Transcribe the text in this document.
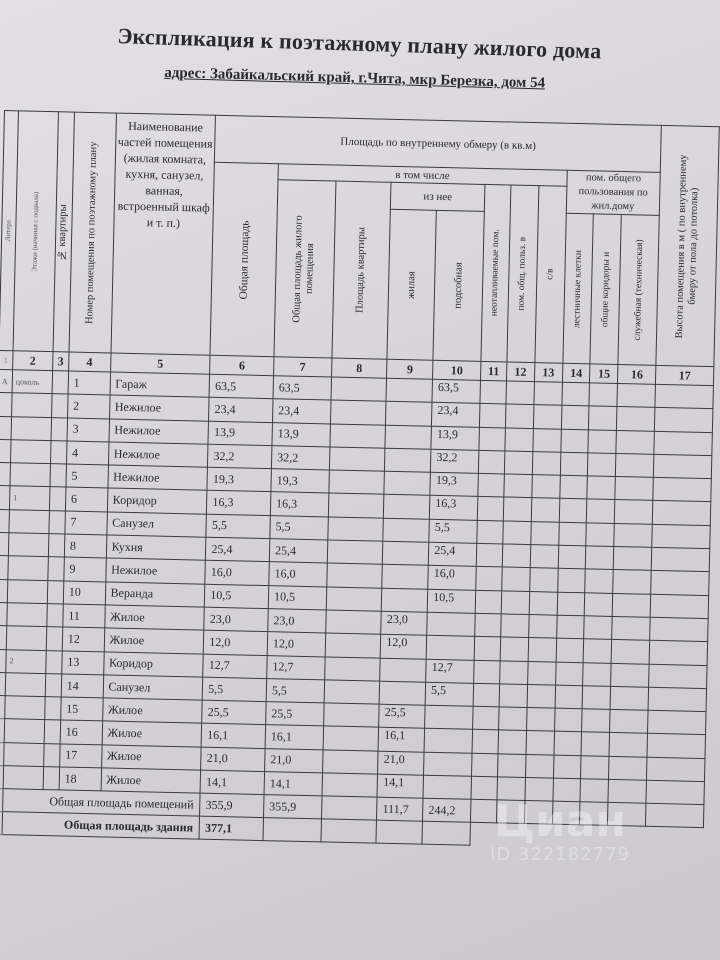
Экспликация к поэтажному плану жилого дома
адрес: Забайкальский край, г.Чита, мкр Березка, дом 54
Литера	Этажи (начиная с подвала)	№ квартиры	Номер помещения по поэтажному плану	Наименование частей помещения (жилая комната, кухня, санузел, ванная, встроенный шкаф и т. п.)	Площадь по внутреннему обмеру (в кв.м)											Высота помещения в м ( по внутреннему бмеру от пола до потолка)

					Общая площадь	в том числе							пом. общего пользования по жил.дому			

						Общая площадь жилого помещения	Площадь квартиры	из нее		неотапливаемые пом.	пом. общ. польз. в	с/в				

								жилая	подсобная				лестничные клетки	общие коридоры и	служебная (техническая)	

1	2	3	4	5	6	7	8	9	10	11	12	13	14	15	16	17
А	цоколь		1	Гараж	63,5	63,5			63,5							
			2	Нежилое	23,4	23,4			23,4							
			3	Нежилое	13,9	13,9			13,9							
			4	Нежилое	32,2	32,2			32,2							
			5	Нежилое	19,3	19,3			19,3							
	1		6	Коридор	16,3	16,3			16,3							
			7	Санузел	5,5	5,5			5,5							
			8	Кухня	25,4	25,4			25,4							
			9	Нежилое	16,0	16,0			16,0							
			10	Веранда	10,5	10,5			10,5							
			11	Жилое	23,0	23,0		23,0								
			12	Жилое	12,0	12,0		12,0								
	2		13	Коридор	12,7	12,7			12,7							
			14	Санузел	5,5	5,5			5,5							
			15	Жилое	25,5	25,5		25,5								
			16	Жилое	16,1	16,1		16,1								
			17	Жилое	21,0	21,0		21,0								
			18	Жилое	14,1	14,1		14,1								
	Общая площадь помещений				355,9	355,9		111,7	244,2							
	Общая площадь здания				377,1												Циан
ID 322182779
